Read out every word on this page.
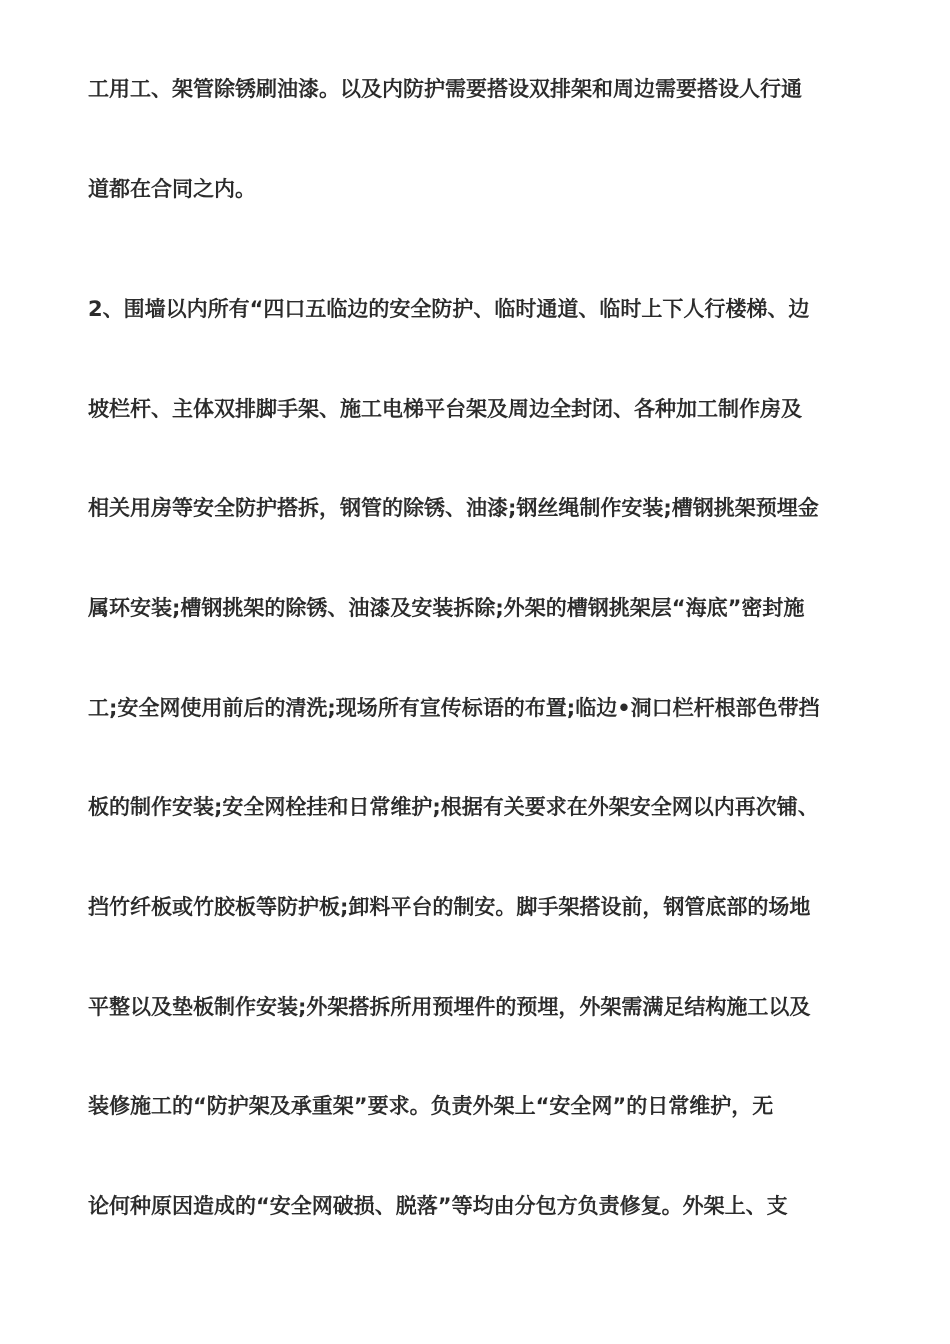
工用工、架管除锈刷油漆。以及内防护需要搭设双排架和周边需要搭设人行通
道都在合同之内。
2、围墙以内所有“四口五临边的安全防护、临时通道、临时上下人行楼梯、边
坡栏杆、主体双排脚手架、施工电梯平台架及周边全封闭、各种加工制作房及
相关用房等安全防护搭拆，钢管的除锈、油漆;钢丝绳制作安装;槽钢挑架预埋金
属环安装;槽钢挑架的除锈、油漆及安装拆除;外架的槽钢挑架层“海底”密封施
工;安全网使用前后的清洗;现场所有宣传标语的布置;临边•洞口栏杆根部色带挡
板的制作安装;安全网栓挂和日常维护;根据有关要求在外架安全网以内再次铺、
挡竹纤板或竹胶板等防护板;卸料平台的制安。脚手架搭设前，钢管底部的场地
平整以及垫板制作安装;外架搭拆所用预埋件的预埋，外架需满足结构施工以及
装修施工的“防护架及承重架”要求。负责外架上“安全网”的日常维护，无
论何种原因造成的“安全网破损、脱落”等均由分包方负责修复。外架上、支
